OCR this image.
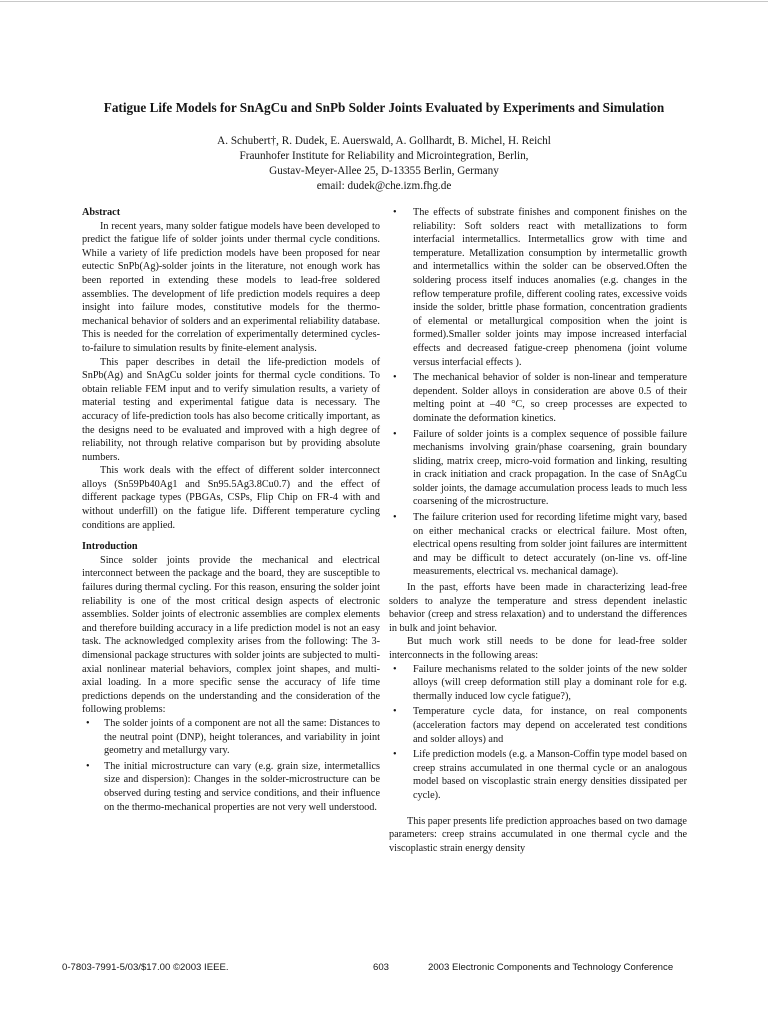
Fatigue Life Models for SnAgCu and SnPb Solder Joints Evaluated by Experiments and Simulation
A. Schubert†, R. Dudek, E. Auerswald, A. Gollhardt, B. Michel, H. Reichl
Fraunhofer Institute for Reliability and Microintegration, Berlin,
Gustav-Meyer-Allee 25, D-13355 Berlin, Germany
email: dudek@che.izm.fhg.de

Abstract

In recent years, many solder fatigue models have been developed to predict the fatigue life of solder joints under thermal cycle conditions. While a variety of life prediction models have been proposed for near eutectic SnPb(Ag)-solder joints in the literature, not enough work has been reported in extending these models to lead-free soldered assemblies. The development of life prediction models requires a deep insight into failure modes, constitutive models for the thermo-mechanical behavior of solders and an experimental reliability database. This is needed for the correlation of experimentally determined cycles-to-failure to simulation results by finite-element analysis.

This paper describes in detail the life-prediction models of SnPb(Ag) and SnAgCu solder joints for thermal cycle conditions. To obtain reliable FEM input and to verify simulation results, a variety of material testing and experimental fatigue data is necessary. The accuracy of life-prediction tools has also become critically important, as the designs need to be evaluated and improved with a high degree of reliability, not through relative comparison but by providing absolute numbers.

This work deals with the effect of different solder interconnect alloys (Sn59Pb40Ag1 and Sn95.5Ag3.8Cu0.7) and the effect of different package types (PBGAs, CSPs, Flip Chip on FR-4 with and without underfill) on the fatigue life. Different temperature cycling conditions are applied.

Introduction

Since solder joints provide the mechanical and electrical interconnect between the package and the board, they are susceptible to failures during thermal cycling. For this reason, ensuring the solder joint reliability is one of the most critical design aspects of electronic assemblies. Solder joints of electronic assemblies are complex elements and therefore building accuracy in a life prediction model is not an easy task. The acknowledged complexity arises from the following: The 3-dimensional package structures with solder joints are subjected to multi-axial nonlinear material behaviors, complex joint shapes, and multi-axial loading. In a more specific sense the accuracy of life time predictions depends on the understanding and the consideration of the following problems:

• The solder joints of a component are not all the same: Distances to the neutral point (DNP), height tolerances, and variability in joint geometry and metallurgy vary.
• The initial microstructure can vary (e.g. grain size, intermetallics size and dispersion): Changes in the solder-microstructure can be observed during testing and service conditions, and their influence on the thermo-mechanical properties are not very well understood.
• The effects of substrate finishes and component finishes on the reliability: Soft solders react with metallizations to form interfacial intermetallics. Intermetallics grow with time and temperature. Metallization consumption by intermetallic growth and intermetallics within the solder can be observed.Often the soldering process itself induces anomalies (e.g. changes in the reflow temperature profile, different cooling rates, excessive voids inside the solder, brittle phase formation, concentration gradients of elemental or metallurgical composition when the joint is formed).Smaller solder joints may impose increased interfacial effects and decreased fatigue-creep phenomena (joint volume versus interfacial effects ).
• The mechanical behavior of solder is non-linear and temperature dependent. Solder alloys in consideration are above 0.5 of their melting point at –40 °C, so creep processes are expected to dominate the deformation kinetics.
• Failure of solder joints is a complex sequence of possible failure mechanisms involving grain/phase coarsening, grain boundary sliding, matrix creep, micro-void formation and linking, resulting in crack initiation and crack propagation. In the case of SnAgCu solder joints, the damage accumulation process leads to much less coarsening of the microstructure.
• The failure criterion used for recording lifetime might vary, based on either mechanical cracks or electrical failure. Most often, electrical opens resulting from solder joint failures are intermittent and may be difficult to detect accurately (on-line vs. off-line measurements, electrical vs. mechanical damage).

In the past, efforts have been made in characterizing lead-free solders to analyze the temperature and stress dependent inelastic behavior (creep and stress relaxation) and to understand the differences in bulk and joint behavior.

But much work still needs to be done for lead-free solder interconnects in the following areas:

• Failure mechanisms related to the solder joints of the new solder alloys (will creep deformation still play a dominant role for e.g. thermally induced low cycle fatigue?),
• Temperature cycle data, for instance, on real components (acceleration factors may depend on accelerated test conditions and solder alloys) and
• Life prediction models (e.g. a Manson-Coffin type model based on creep strains accumulated in one thermal cycle or an analogous model based on viscoplastic strain energy densities dissipated per cycle).

This paper presents life prediction approaches based on two damage parameters: creep strains accumulated in one thermal cycle and the viscoplastic strain energy density

0-7803-7991-5/03/$17.00 ©2003 IEEE.	603	2003 Electronic Components and Technology Conference
